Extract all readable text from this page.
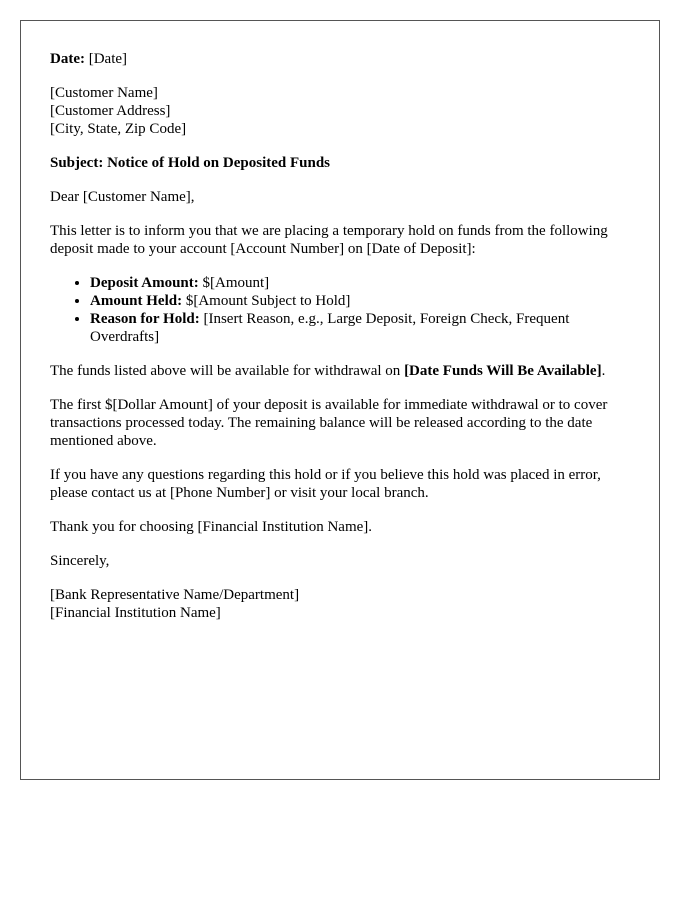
Date: [Date]

[Customer Name]
[Customer Address]
[City, State, Zip Code]

Subject: Notice of Hold on Deposited Funds

Dear [Customer Name],

This letter is to inform you that we are placing a temporary hold on funds from the following deposit made to your account [Account Number] on [Date of Deposit]:

• Deposit Amount: $[Amount]
• Amount Held: $[Amount Subject to Hold]
• Reason for Hold: [Insert Reason, e.g., Large Deposit, Foreign Check, Frequent Overdrafts]

The funds listed above will be available for withdrawal on [Date Funds Will Be Available].

The first $[Dollar Amount] of your deposit is available for immediate withdrawal or to cover transactions processed today. The remaining balance will be released according to the date mentioned above.

If you have any questions regarding this hold or if you believe this hold was placed in error, please contact us at [Phone Number] or visit your local branch.

Thank you for choosing [Financial Institution Name].

Sincerely,

[Bank Representative Name/Department]
[Financial Institution Name]
